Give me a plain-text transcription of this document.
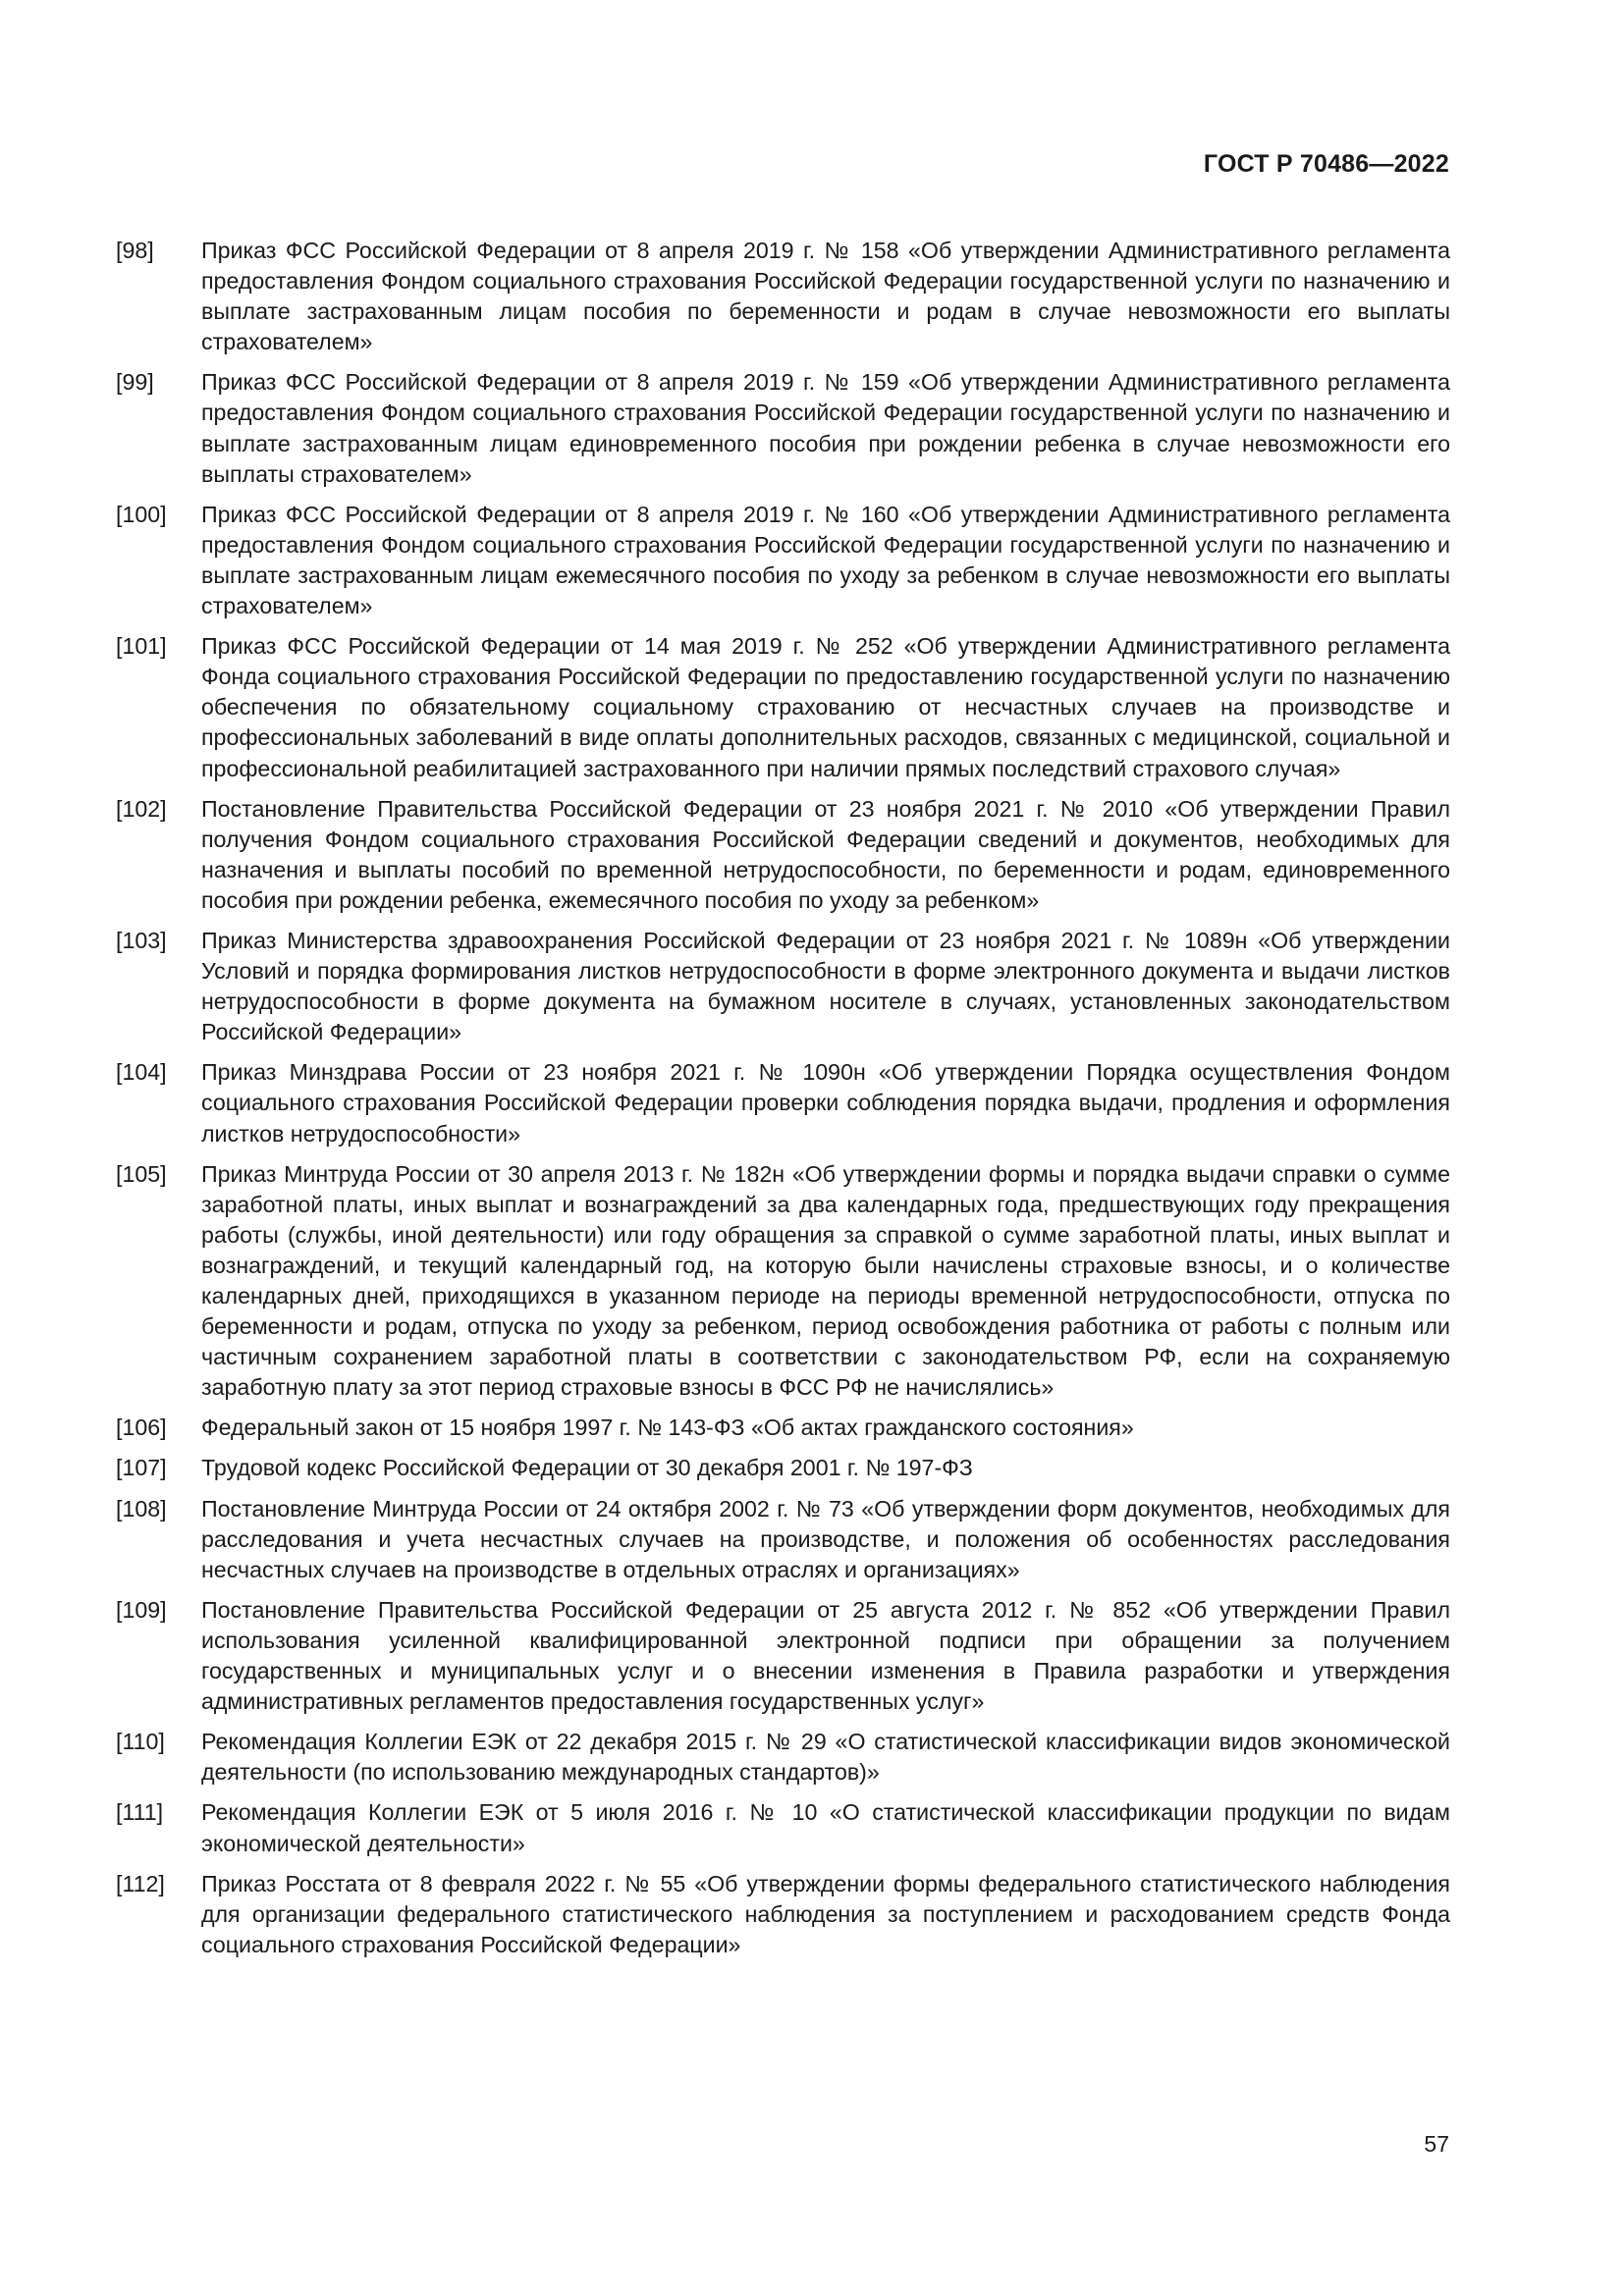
ГОСТ Р 70486—2022
[98]	Приказ ФСС Российской Федерации от 8 апреля 2019 г. № 158 «Об утверждении Административного регламента предоставления Фондом социального страхования Российской Федерации государственной услуги по назначению и выплате застрахованным лицам пособия по беременности и родам в случае невозможности его выплаты страхователем»
[99]	Приказ ФСС Российской Федерации от 8 апреля 2019 г. № 159 «Об утверждении Административного регламента предоставления Фондом социального страхования Российской Федерации государственной услуги по назначению и выплате застрахованным лицам единовременного пособия при рождении ребенка в случае невозможности его выплаты страхователем»
[100]	Приказ ФСС Российской Федерации от 8 апреля 2019 г. № 160 «Об утверждении Административного регламента предоставления Фондом социального страхования Российской Федерации государственной услуги по назначению и выплате застрахованным лицам ежемесячного пособия по уходу за ребенком в случае невозможности его выплаты страхователем»
[101]	Приказ ФСС Российской Федерации от 14 мая 2019 г. № 252 «Об утверждении Административного регламента Фонда социального страхования Российской Федерации по предоставлению государственной услуги по назначению обеспечения по обязательному социальному страхованию от несчастных случаев на производстве и профессиональных заболеваний в виде оплаты дополнительных расходов, связанных с медицинской, социальной и профессиональной реабилитацией застрахованного при наличии прямых последствий страхового случая»
[102]	Постановление Правительства Российской Федерации от 23 ноября 2021 г. № 2010 «Об утверждении Правил получения Фондом социального страхования Российской Федерации сведений и документов, необходимых для назначения и выплаты пособий по временной нетрудоспособности, по беременности и родам, единовременного пособия при рождении ребенка, ежемесячного пособия по уходу за ребенком»
[103]	Приказ Министерства здравоохранения Российской Федерации от 23 ноября 2021 г. № 1089н «Об утверждении Условий и порядка формирования листков нетрудоспособности в форме электронного документа и выдачи листков нетрудоспособности в форме документа на бумажном носителе в случаях, установленных законодательством Российской Федерации»
[104]	Приказ Минздрава России от 23 ноября 2021 г. № 1090н «Об утверждении Порядка осуществления Фондом социального страхования Российской Федерации проверки соблюдения порядка выдачи, продления и оформления листков нетрудоспособности»
[105]	Приказ Минтруда России от 30 апреля 2013 г. № 182н «Об утверждении формы и порядка выдачи справки о сумме заработной платы, иных выплат и вознаграждений за два календарных года, предшествующих году прекращения работы (службы, иной деятельности) или году обращения за справкой о сумме заработной платы, иных выплат и вознаграждений, и текущий календарный год, на которую были начислены страховые взносы, и о количестве календарных дней, приходящихся в указанном периоде на периоды временной нетрудоспособности, отпуска по беременности и родам, отпуска по уходу за ребенком, период освобождения работника от работы с полным или частичным сохранением заработной платы в соответствии с законодательством РФ, если на сохраняемую заработную плату за этот период страховые взносы в ФСС РФ не начислялись»
[106]	Федеральный закон от 15 ноября 1997 г. № 143-ФЗ «Об актах гражданского состояния»
[107]	Трудовой кодекс Российской Федерации от 30 декабря 2001 г. № 197-ФЗ
[108]	Постановление Минтруда России от 24 октября 2002 г. № 73 «Об утверждении форм документов, необходимых для расследования и учета несчастных случаев на производстве, и положения об особенностях расследования несчастных случаев на производстве в отдельных отраслях и организациях»
[109]	Постановление Правительства Российской Федерации от 25 августа 2012 г. № 852 «Об утверждении Правил использования усиленной квалифицированной электронной подписи при обращении за получением государственных и муниципальных услуг и о внесении изменения в Правила разработки и утверждения административных регламентов предоставления государственных услуг»
[110]	Рекомендация Коллегии ЕЭК от 22 декабря 2015 г. № 29 «О статистической классификации видов экономической деятельности (по использованию международных стандартов)»
[111]	Рекомендация Коллегии ЕЭК от 5 июля 2016 г. № 10 «О статистической классификации продукции по видам экономической деятельности»
[112]	Приказ Росстата от 8 февраля 2022 г. № 55 «Об утверждении формы федерального статистического наблюдения для организации федерального статистического наблюдения за поступлением и расходованием средств Фонда социального страхования Российской Федерации»
57
